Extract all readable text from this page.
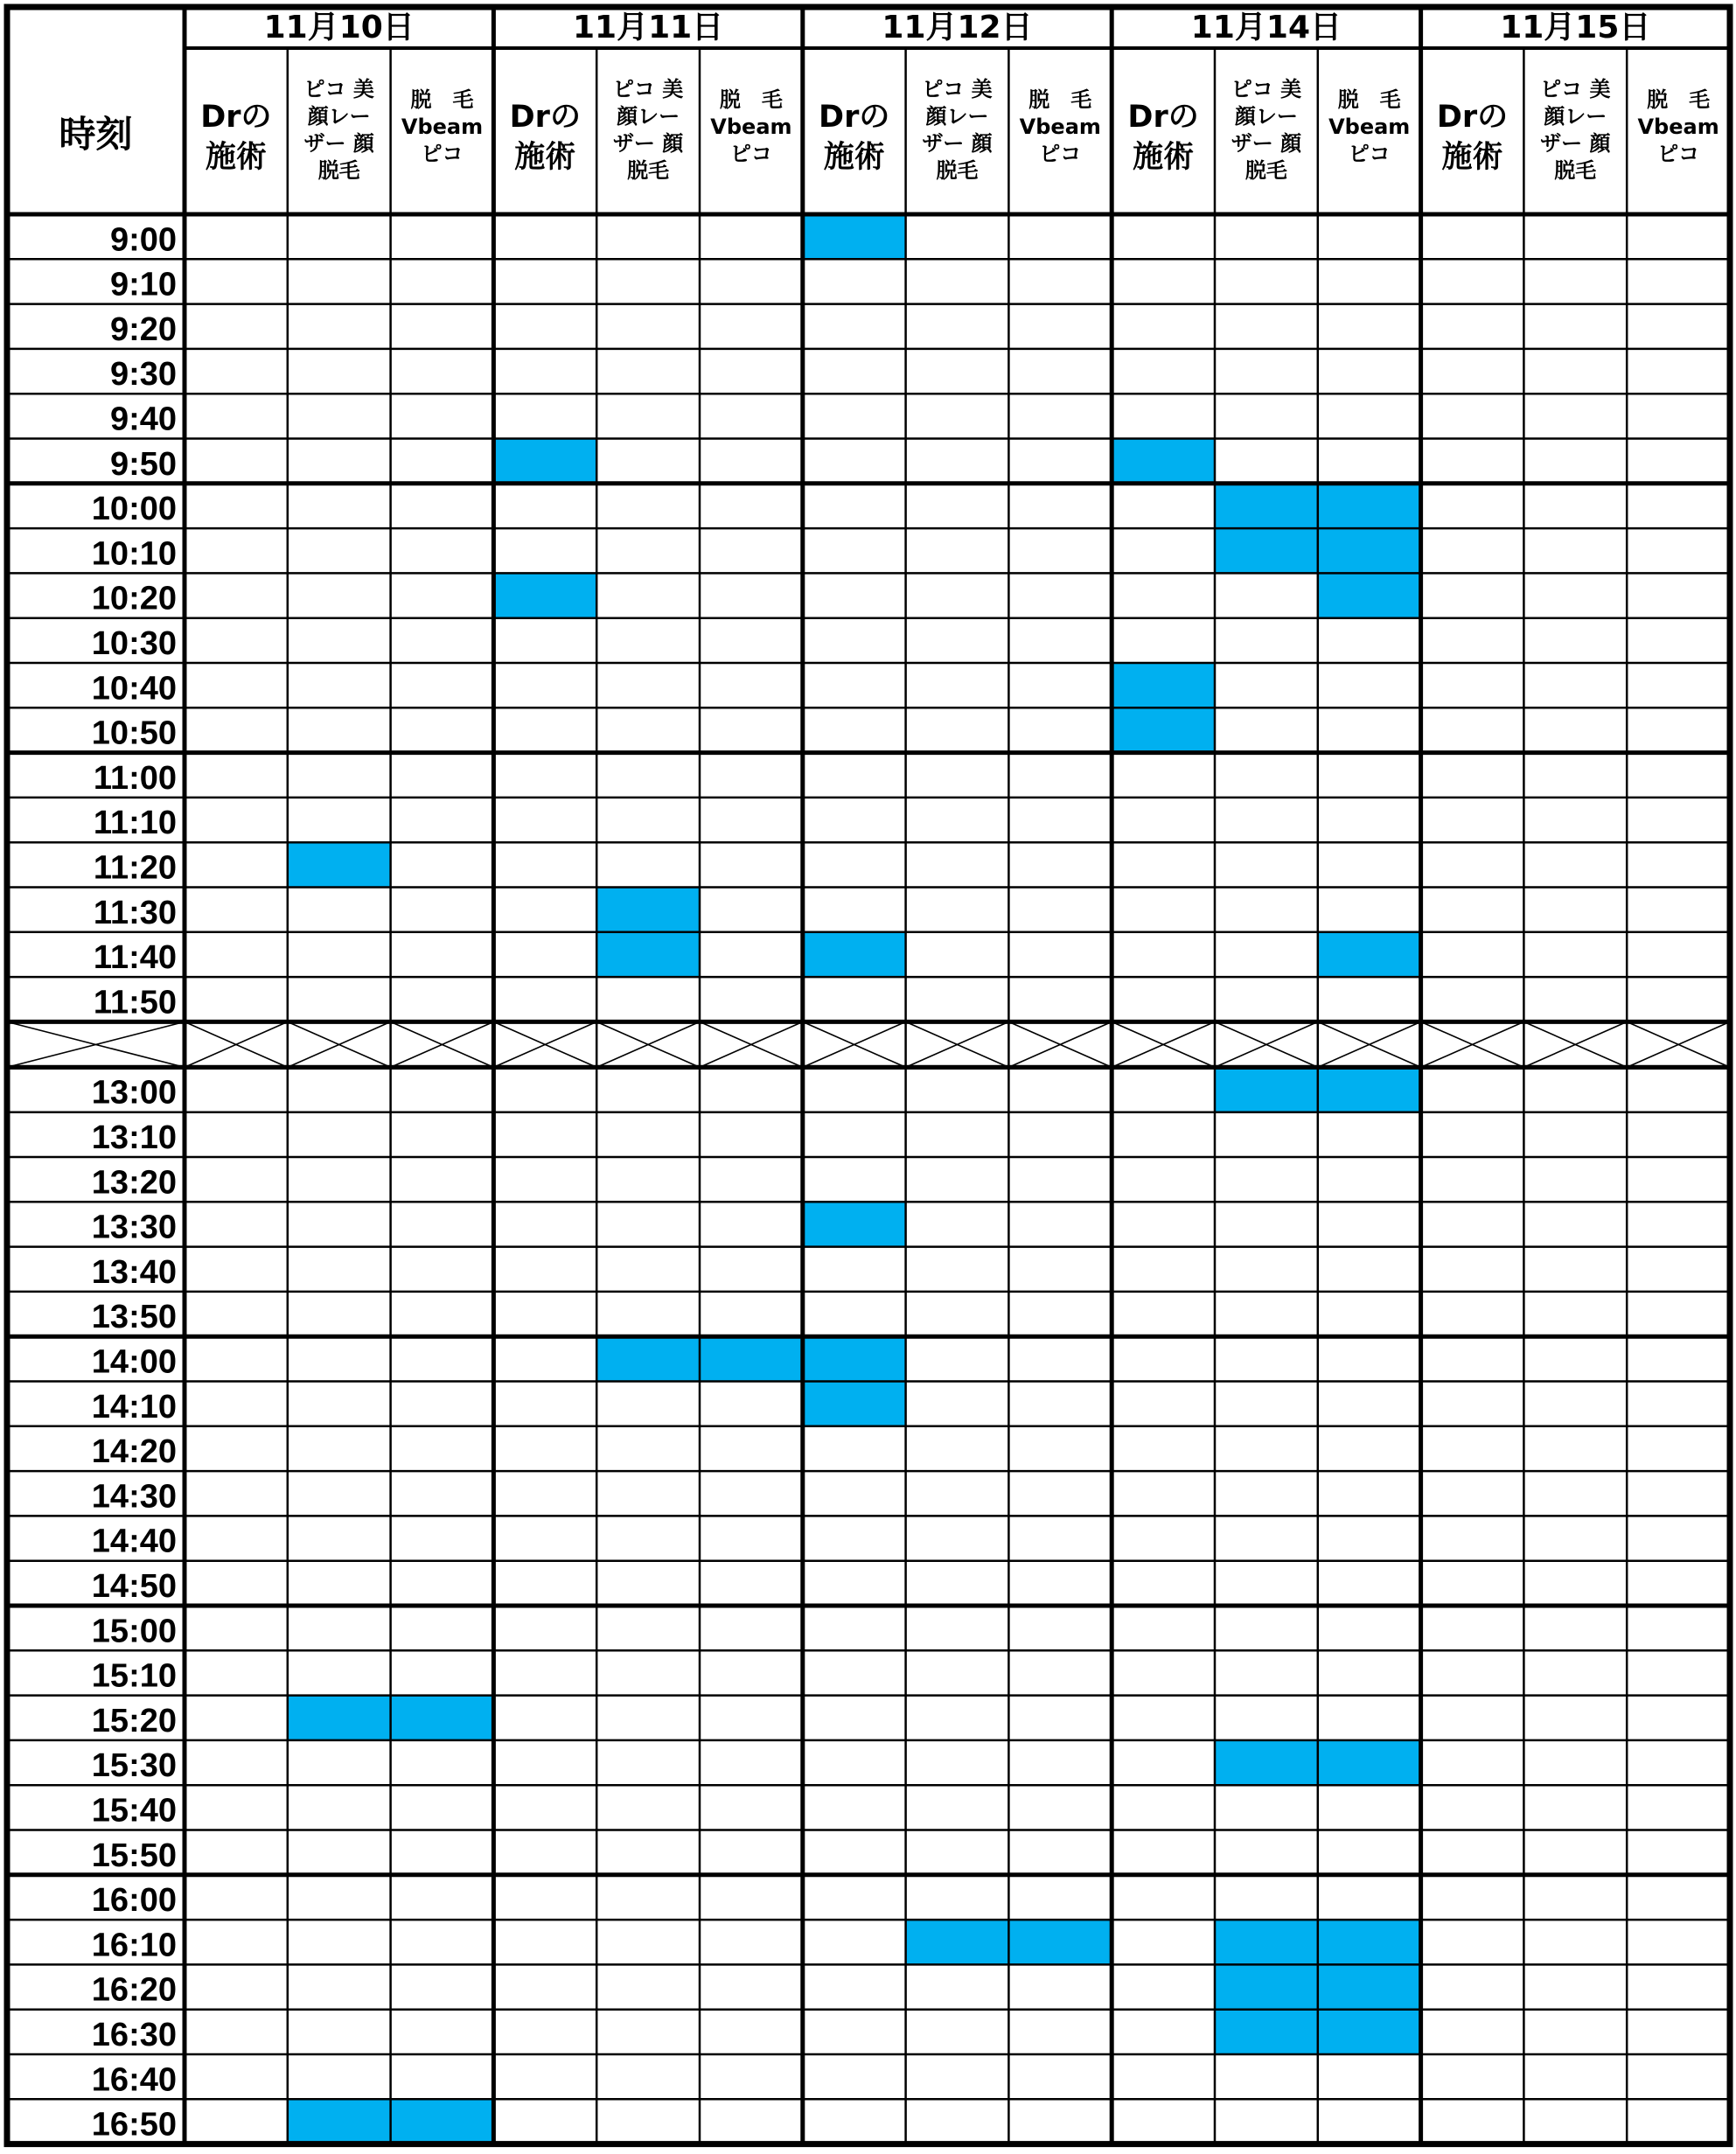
時刻
11月10日
Drの
施術
ピコ 美
顔レー
ザー 顔
脱毛
脱　毛
Vbeam
ピコ
11月11日
Drの
施術
ピコ 美
顔レー
ザー 顔
脱毛
脱　毛
Vbeam
ピコ
11月12日
Drの
施術
ピコ 美
顔レー
ザー 顔
脱毛
脱　毛
Vbeam
ピコ
11月14日
Drの
施術
ピコ 美
顔レー
ザー 顔
脱毛
脱　毛
Vbeam
ピコ
11月15日
Drの
施術
ピコ 美
顔レー
ザー 顔
脱毛
脱　毛
Vbeam
ピコ
9:00
9:10
9:20
9:30
9:40
9:50
10:00
10:10
10:20
10:30
10:40
10:50
11:00
11:10
11:20
11:30
11:40
11:50
13:00
13:10
13:20
13:30
13:40
13:50
14:00
14:10
14:20
14:30
14:40
14:50
15:00
15:10
15:20
15:30
15:40
15:50
16:00
16:10
16:20
16:30
16:40
16:50
